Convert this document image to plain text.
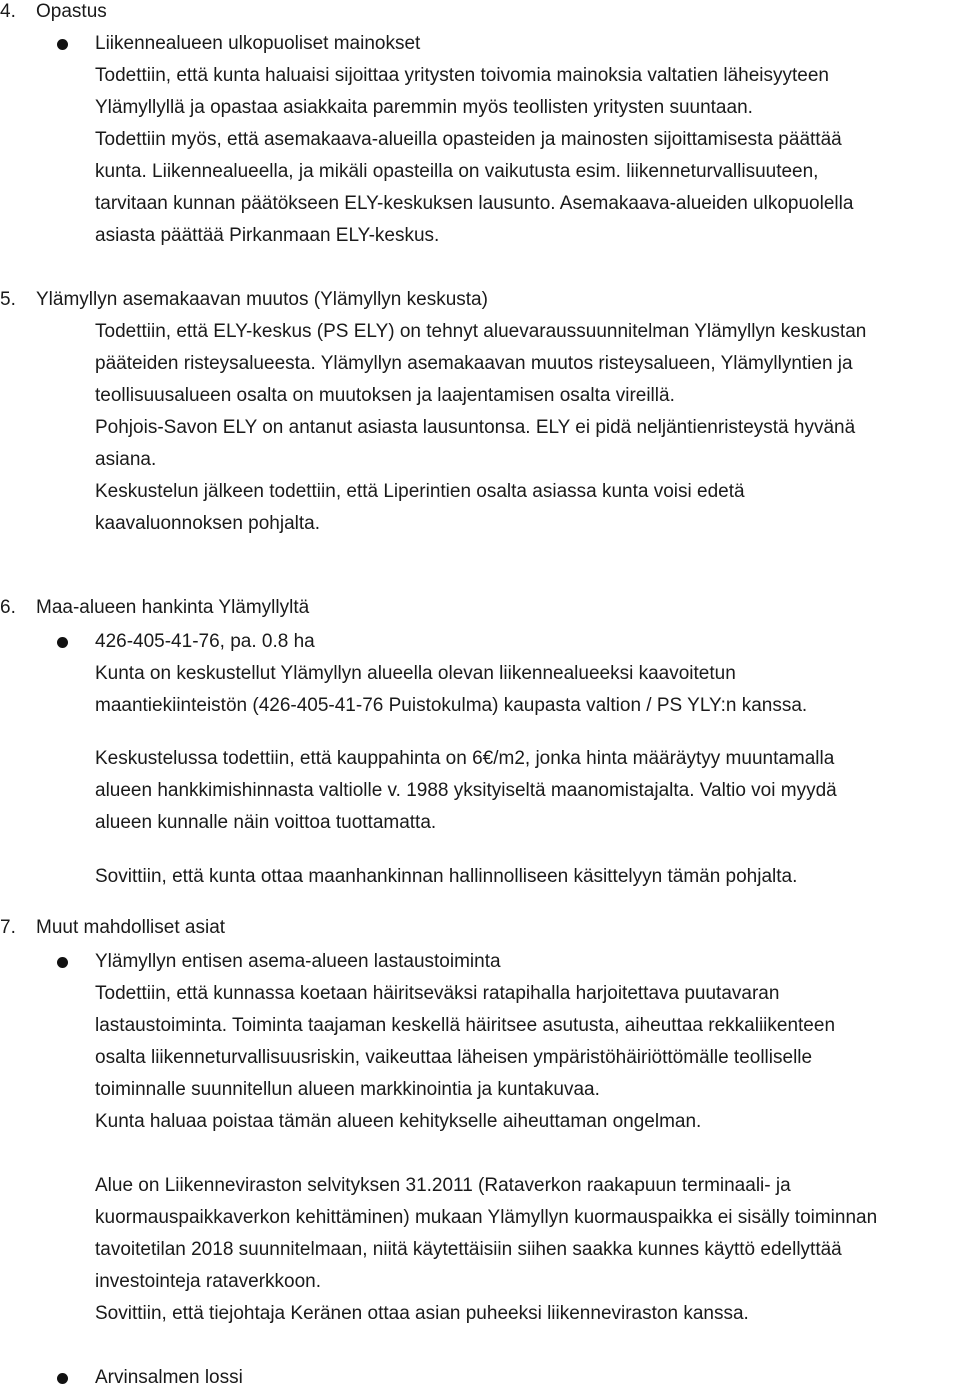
4. Opastus
Liikennealueen ulkopuoliset mainokset
Todettiin, että kunta haluaisi sijoittaa yritysten toivomia mainoksia valtatien läheisyyteen
Ylämyllyllä ja opastaa asiakkaita paremmin myös teollisten yritysten suuntaan.
Todettiin myös, että asemakaava-alueilla opasteiden ja mainosten sijoittamisesta päättää
kunta. Liikennealueella, ja mikäli opasteilla on vaikutusta esim. liikenneturvallisuuteen,
tarvitaan kunnan päätökseen ELY-keskuksen lausunto. Asemakaava-alueiden ulkopuolella
asiasta päättää Pirkanmaan ELY-keskus.
5. Ylämyllyn asemakaavan muutos (Ylämyllyn keskusta)
Todettiin, että ELY-keskus (PS ELY) on tehnyt aluevaraussuunnitelman Ylämyllyn keskustan
pääteiden risteysalueesta. Ylämyllyn asemakaavan muutos risteysalueen, Ylämyllyntien ja
teollisuusalueen osalta on muutoksen ja laajentamisen osalta vireillä.
Pohjois-Savon ELY on antanut asiasta lausuntonsa. ELY ei pidä neljäntienristeystä hyvänä
asiana.
Keskustelun jälkeen todettiin, että Liperintien osalta asiassa kunta voisi edetä
kaavaluonnoksen pohjalta.
6. Maa-alueen hankinta Ylämyllyltä
426-405-41-76, pa. 0.8 ha
Kunta on keskustellut Ylämyllyn alueella olevan liikennealueeksi kaavoitetun
maantiekiinteistön (426-405-41-76 Puistokulma) kaupasta valtion / PS YLY:n kanssa.
Keskustelussa todettiin, että kauppahinta on 6€/m2, jonka hinta määräytyy muuntamalla
alueen hankkimishinnasta valtiolle v. 1988 yksityiseltä maanomistajalta. Valtio voi myydä
alueen kunnalle näin voittoa tuottamatta.
Sovittiin, että kunta ottaa maanhankinnan hallinnolliseen käsittelyyn tämän pohjalta.
7. Muut mahdolliset asiat
Ylämyllyn entisen asema-alueen lastaustoiminta
Todettiin, että kunnassa koetaan häiritseväksi ratapihalla harjoitettava puutavaran
lastaustoiminta. Toiminta taajaman keskellä häiritsee asutusta, aiheuttaa rekkaliikenteen
osalta liikenneturvallisuusriskin, vaikeuttaa läheisen ympäristöhäiriöttömälle teolliselle
toiminnalle suunnitellun alueen markkinointia ja kuntakuvaa.
Kunta haluaa poistaa tämän alueen kehitykselle aiheuttaman ongelman.
Alue on Liikenneviraston selvityksen 31.2011 (Rataverkon raakapuun terminaali- ja
kuormauspaikkaverkon kehittäminen) mukaan Ylämyllyn kuormauspaikka ei sisälly toiminnan
tavoitetilan 2018 suunnitelmaan, niitä käytettäisiin siihen saakka kunnes käyttö edellyttää
investointeja rataverkkoon.
Sovittiin, että tiejohtaja Keränen ottaa asian puheeksi liikenneviraston kanssa.
Arvinsalmen lossi
